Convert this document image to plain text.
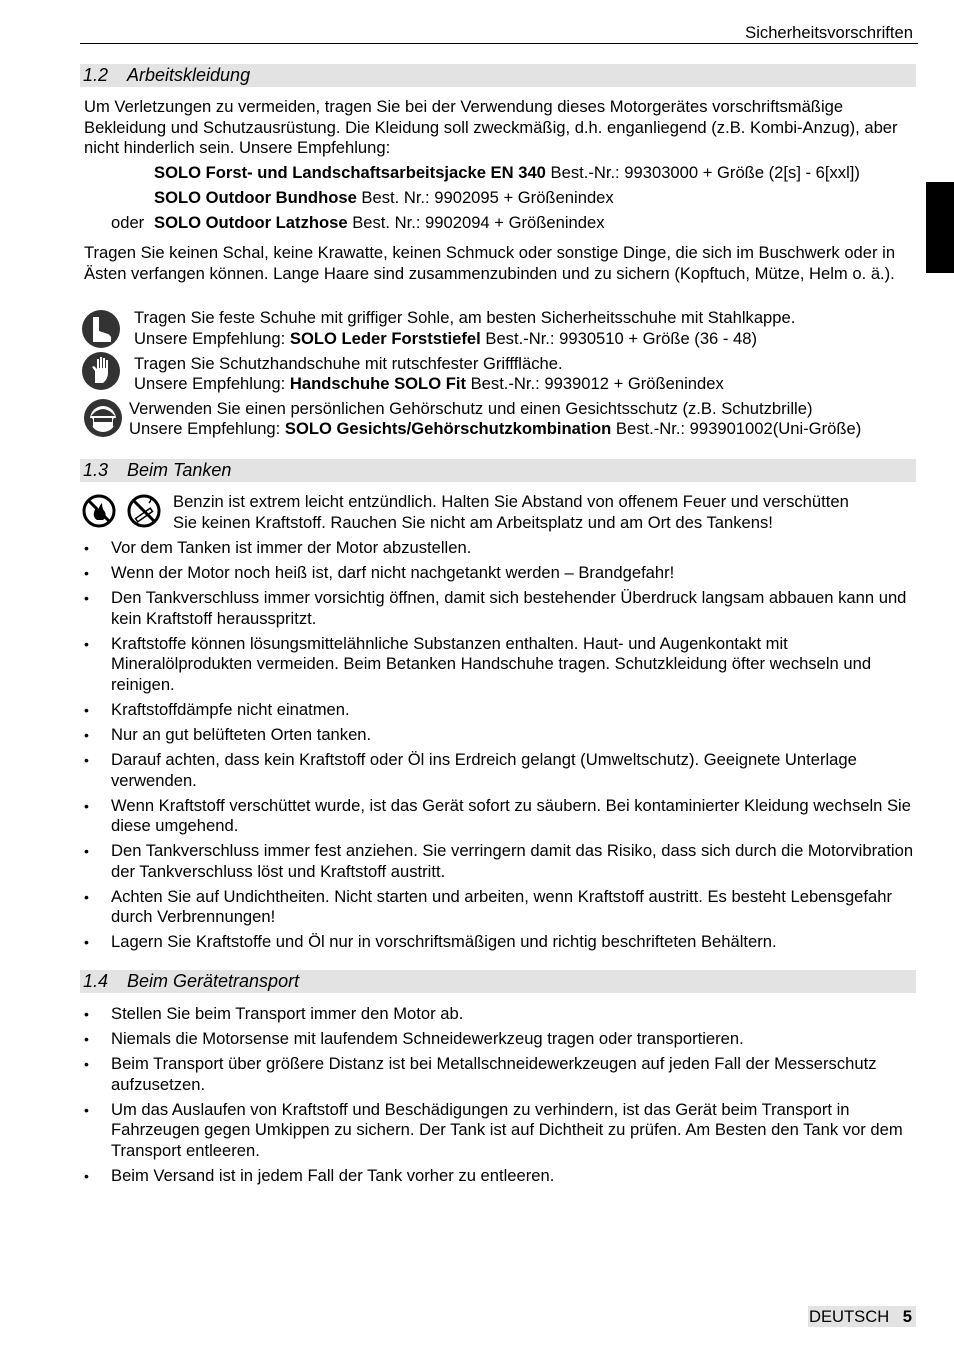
Sicherheitsvorschriften
1.2 Arbeitskleidung
Um Verletzungen zu vermeiden, tragen Sie bei der Verwendung dieses Motorgerätes vorschriftsmäßige Bekleidung und Schutzausrüstung. Die Kleidung soll zweckmäßig, d.h. enganliegend (z.B. Kombi-Anzug), aber nicht hinderlich sein. Unsere Empfehlung:
SOLO Forst- und Landschaftsarbeitsjacke EN 340 Best.-Nr.: 99303000 + Größe (2[s] - 6[xxl])
SOLO Outdoor Bundhose Best. Nr.: 9902095 + Größenindex
oder SOLO Outdoor Latzhose Best. Nr.: 9902094 + Größenindex
Tragen Sie keinen Schal, keine Krawatte, keinen Schmuck oder sonstige Dinge, die sich im Buschwerk oder in Ästen verfangen können. Lange Haare sind zusammenzubinden und zu sichern (Kopftuch, Mütze, Helm o. ä.).
Tragen Sie feste Schuhe mit griffiger Sohle, am besten Sicherheitsschuhe mit Stahlkappe.
Unsere Empfehlung: SOLO Leder Forststiefel Best.-Nr.: 9930510 + Größe (36 - 48)
Tragen Sie Schutzhandschuhe mit rutschfester Grifffläche.
Unsere Empfehlung: Handschuhe SOLO Fit Best.-Nr.: 9939012 + Größenindex
Verwenden Sie einen persönlichen Gehörschutz und einen Gesichtsschutz (z.B. Schutzbrille)
Unsere Empfehlung: SOLO Gesichts/Gehörschutzkombination Best.-Nr.: 993901002(Uni-Größe)
1.3 Beim Tanken
Benzin ist extrem leicht entzündlich. Halten Sie Abstand von offenem Feuer und verschütten
Sie keinen Kraftstoff. Rauchen Sie nicht am Arbeitsplatz und am Ort des Tankens!
• Vor dem Tanken ist immer der Motor abzustellen.
• Wenn der Motor noch heiß ist, darf nicht nachgetankt werden – Brandgefahr!
• Den Tankverschluss immer vorsichtig öffnen, damit sich bestehender Überdruck langsam abbauen kann und kein Kraftstoff herausspritzt.
• Kraftstoffe können lösungsmittelähnliche Substanzen enthalten. Haut- und Augenkontakt mit Mineralölprodukten vermeiden. Beim Betanken Handschuhe tragen. Schutzkleidung öfter wechseln und reinigen.
• Kraftstoffdämpfe nicht einatmen.
• Nur an gut belüfteten Orten tanken.
• Darauf achten, dass kein Kraftstoff oder Öl ins Erdreich gelangt (Umweltschutz). Geeignete Unterlage verwenden.
• Wenn Kraftstoff verschüttet wurde, ist das Gerät sofort zu säubern. Bei kontaminierter Kleidung wechseln Sie diese umgehend.
• Den Tankverschluss immer fest anziehen. Sie verringern damit das Risiko, dass sich durch die Motorvibration der Tankverschluss löst und Kraftstoff austritt.
• Achten Sie auf Undichtheiten. Nicht starten und arbeiten, wenn Kraftstoff austritt. Es besteht Lebensgefahr durch Verbrennungen!
• Lagern Sie Kraftstoffe und Öl nur in vorschriftsmäßigen und richtig beschrifteten Behältern.
1.4 Beim Gerätetransport
• Stellen Sie beim Transport immer den Motor ab.
• Niemals die Motorsense mit laufendem Schneidewerkzeug tragen oder transportieren.
• Beim Transport über größere Distanz ist bei Metallschneidewerkzeugen auf jeden Fall der Messerschutz aufzusetzen.
• Um das Auslaufen von Kraftstoff und Beschädigungen zu verhindern, ist das Gerät beim Transport in Fahrzeugen gegen Umkippen zu sichern. Der Tank ist auf Dichtheit zu prüfen. Am Besten den Tank vor dem Transport entleeren.
• Beim Versand ist in jedem Fall der Tank vorher zu entleeren.
DEUTSCH 5
